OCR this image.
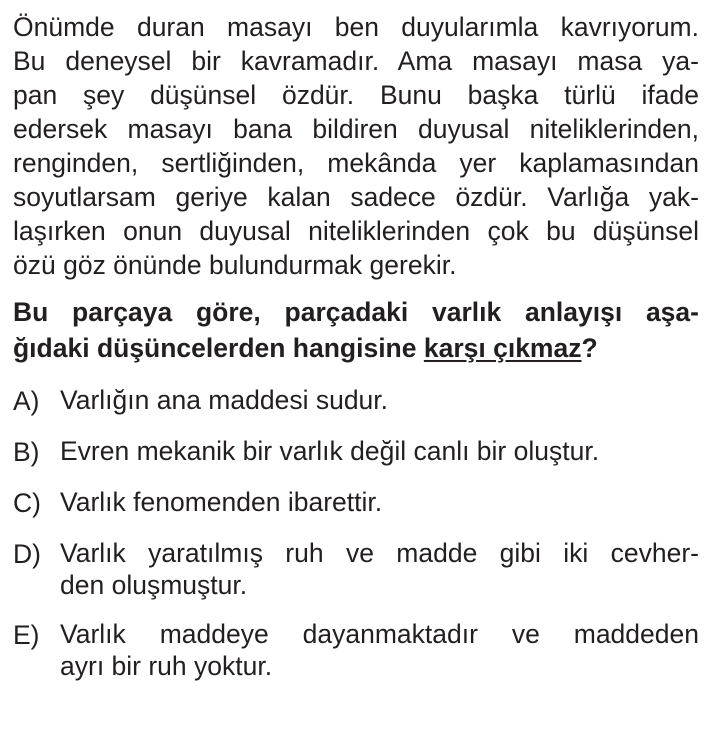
Önümde duran masayı ben duyularımla kavrıyorum.
Bu deneysel bir kavramadır. Ama masayı masa ya-
pan şey düşünsel özdür. Bunu başka türlü ifade
edersek masayı bana bildiren duyusal niteliklerinden,
renginden, sertliğinden, mekânda yer kaplamasından
soyutlarsam geriye kalan sadece özdür. Varlığa yak-
laşırken onun duyusal niteliklerinden çok bu düşünsel
özü göz önünde bulundurmak gerekir.
Bu parçaya göre, parçadaki varlık anlayışı aşa-
ğıdaki düşüncelerden hangisine karşı çıkmaz?
A) Varlığın ana maddesi sudur.
B) Evren mekanik bir varlık değil canlı bir oluştur.
C) Varlık fenomenden ibarettir.
D) Varlık yaratılmış ruh ve madde gibi iki cevher-
den oluşmuştur.
E) Varlık maddeye dayanmaktadır ve maddeden
ayrı bir ruh yoktur.
